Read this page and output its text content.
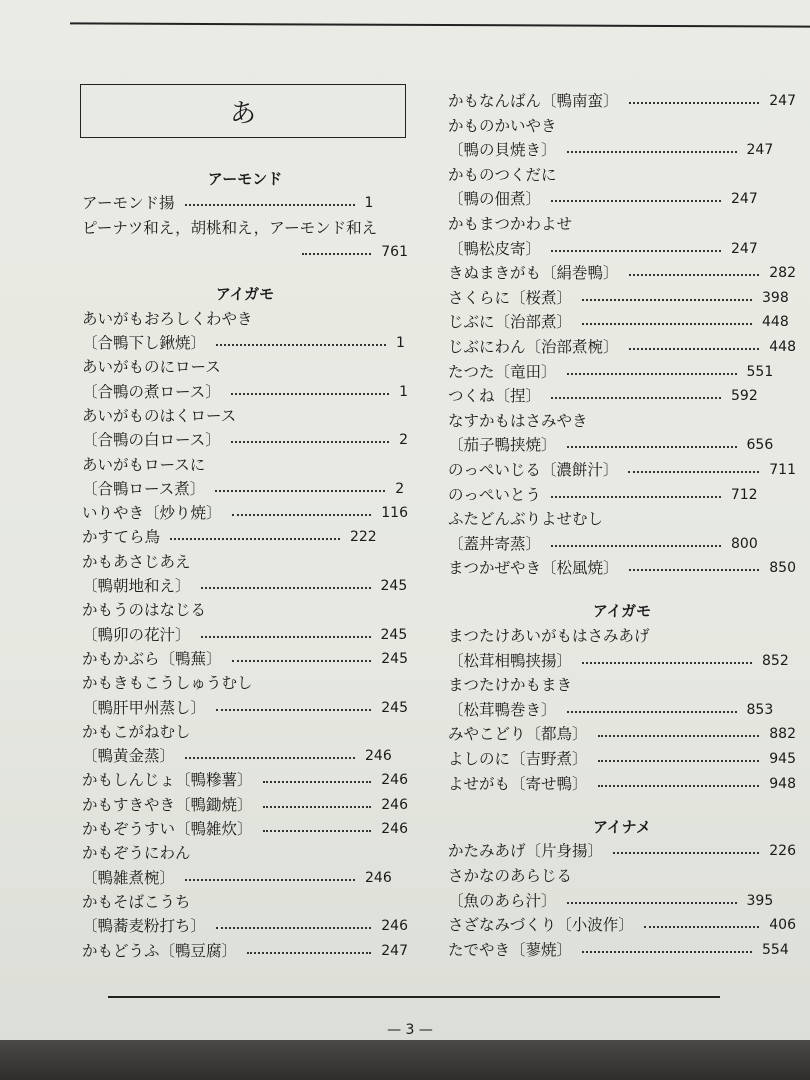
あ
アーモンド
アーモンド揚	1
ピーナツ和え，胡桃和え，アーモンド和え
761
アイガモ
あいがもおろしくわやき
〔合鴨下し鍬焼〕	1
あいがものにロース
〔合鴨の煮ロース〕	1
あいがものはくロース
〔合鴨の白ロース〕	2
あいがもロースに
〔合鴨ロース煮〕	2
いりやき〔炒り焼〕	116
かすてら鳥	222
かもあさじあえ
〔鴨朝地和え〕	245
かもうのはなじる
〔鴨卯の花汁〕	245
かもかぶら〔鴨蕪〕	245
かもきもこうしゅうむし
〔鴨肝甲州蒸し〕	245
かもこがねむし
〔鴨黄金蒸〕	246
かもしんじょ〔鴨糝薯〕	246
かもすきやき〔鴨鋤焼〕	246
かもぞうすい〔鴨雑炊〕	246
かもぞうにわん
〔鴨雑煮椀〕	246
かもそばこうち
〔鴨蕎麦粉打ち〕	246
かもどうふ〔鴨豆腐〕	247
かもなんばん〔鴨南蛮〕	247
かものかいやき
〔鴨の貝焼き〕	247
かものつくだに
〔鴨の佃煮〕	247
かもまつかわよせ
〔鴨松皮寄〕	247
きぬまきがも〔絹巻鴨〕	282
さくらに〔桜煮〕	398
じぶに〔治部煮〕	448
じぶにわん〔治部煮椀〕	448
たつた〔竜田〕	551
つくね〔捏〕	592
なすかもはさみやき
〔茄子鴨挟焼〕	656
のっぺいじる〔濃餅汁〕	711
のっぺいとう	712
ふたどんぶりよせむし
〔蓋丼寄蒸〕	800
まつかぜやき〔松風焼〕	850
アイガモ
まつたけあいがもはさみあげ
〔松茸相鴨挟揚〕	852
まつたけかもまき
〔松茸鴨巻き〕	853
みやこどり〔都鳥〕	882
よしのに〔吉野煮〕	945
よせがも〔寄せ鴨〕	948
アイナメ
かたみあげ〔片身揚〕	226
さかなのあらじる
〔魚のあら汁〕	395
さざなみづくり〔小波作〕	406
たでやき〔蓼焼〕	554
— 3 —
